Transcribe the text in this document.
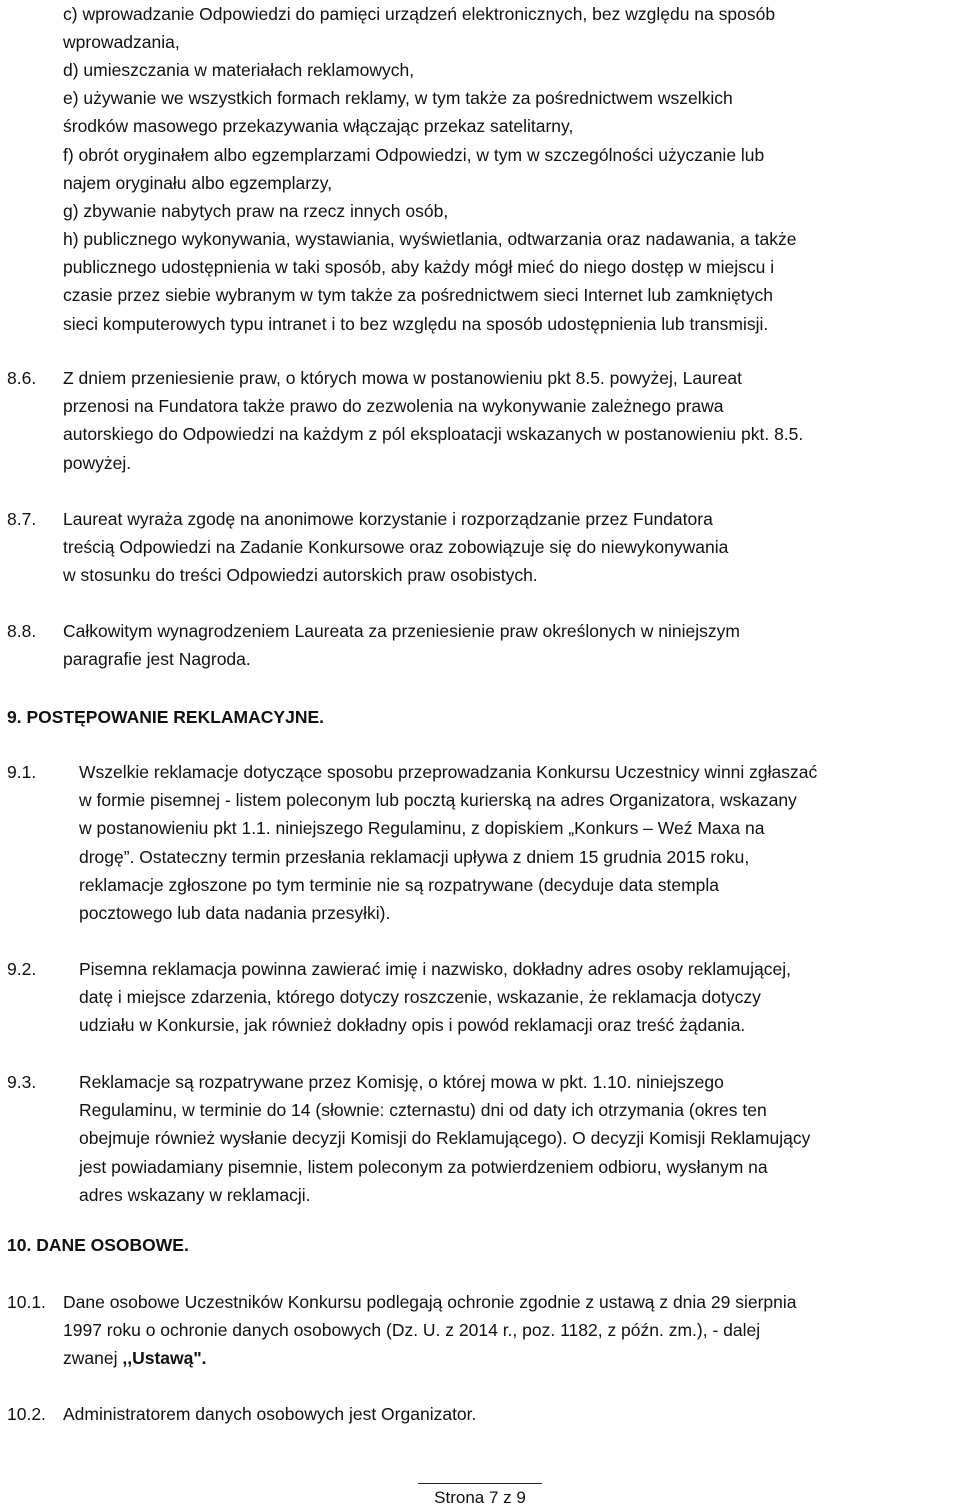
c) wprowadzanie Odpowiedzi do pamięci urządzeń elektronicznych, bez względu na sposób
wprowadzania,
d) umieszczania w materiałach reklamowych,
e) używanie we wszystkich formach reklamy, w tym także za pośrednictwem wszelkich
środków masowego przekazywania włączając przekaz satelitarny,
f) obrót oryginałem albo egzemplarzami Odpowiedzi, w tym w szczególności użyczanie lub
najem oryginału albo egzemplarzy,
g) zbywanie nabytych praw na rzecz innych osób,
h) publicznego wykonywania, wystawiania, wyświetlania, odtwarzania oraz nadawania, a także
publicznego udostępnienia w taki sposób, aby każdy mógł mieć do niego dostęp w miejscu i
czasie przez siebie wybranym w tym także za pośrednictwem sieci Internet lub zamkniętych
sieci komputerowych typu intranet i to bez względu na sposób udostępnienia lub transmisji.
8.6. Z dniem przeniesienie praw, o których mowa w postanowieniu pkt 8.5. powyżej, Laureat
przenosi na Fundatora także prawo do zezwolenia na wykonywanie zależnego prawa
autorskiego do Odpowiedzi na każdym z pól eksploatacji wskazanych w postanowieniu pkt. 8.5.
powyżej.
8.7. Laureat wyraża zgodę na anonimowe korzystanie i rozporządzanie przez Fundatora
treścią Odpowiedzi na Zadanie Konkursowe oraz zobowiązuje się do niewykonywania
w stosunku do treści Odpowiedzi autorskich praw osobistych.
8.8. Całkowitym wynagrodzeniem Laureata za przeniesienie praw określonych w niniejszym
paragrafie jest Nagroda.
9. POSTĘPOWANIE REKLAMACYJNE.
9.1. Wszelkie reklamacje dotyczące sposobu przeprowadzania Konkursu Uczestnicy winni zgłaszać
w formie pisemnej - listem poleconym lub pocztą kurierską na adres Organizatora, wskazany
w postanowieniu pkt 1.1. niniejszego Regulaminu, z dopiskiem „Konkurs – Weź Maxa na
drogę”. Ostateczny termin przesłania reklamacji upływa z dniem 15 grudnia 2015 roku,
reklamacje zgłoszone po tym terminie nie są rozpatrywane (decyduje data stempla
pocztowego lub data nadania przesyłki).
9.2. Pisemna reklamacja powinna zawierać imię i nazwisko, dokładny adres osoby reklamującej,
datę i miejsce zdarzenia, którego dotyczy roszczenie, wskazanie, że reklamacja dotyczy
udziału w Konkursie, jak również dokładny opis i powód reklamacji oraz treść żądania.
9.3. Reklamacje są rozpatrywane przez Komisję, o której mowa w pkt. 1.10. niniejszego
Regulaminu, w terminie do 14 (słownie: czternastu) dni od daty ich otrzymania (okres ten
obejmuje również wysłanie decyzji Komisji do Reklamującego). O decyzji Komisji Reklamujący
jest powiadamiany pisemnie, listem poleconym za potwierdzeniem odbioru, wysłanym na
adres wskazany w reklamacji.
10. DANE OSOBOWE.
10.1. Dane osobowe Uczestników Konkursu podlegają ochronie zgodnie z ustawą z dnia 29 sierpnia
1997 roku o ochronie danych osobowych (Dz. U. z 2014 r., poz. 1182, z późn. zm.), - dalej
zwanej ,,Ustawą".
10.2. Administratorem danych osobowych jest Organizator.
Strona 7 z 9
